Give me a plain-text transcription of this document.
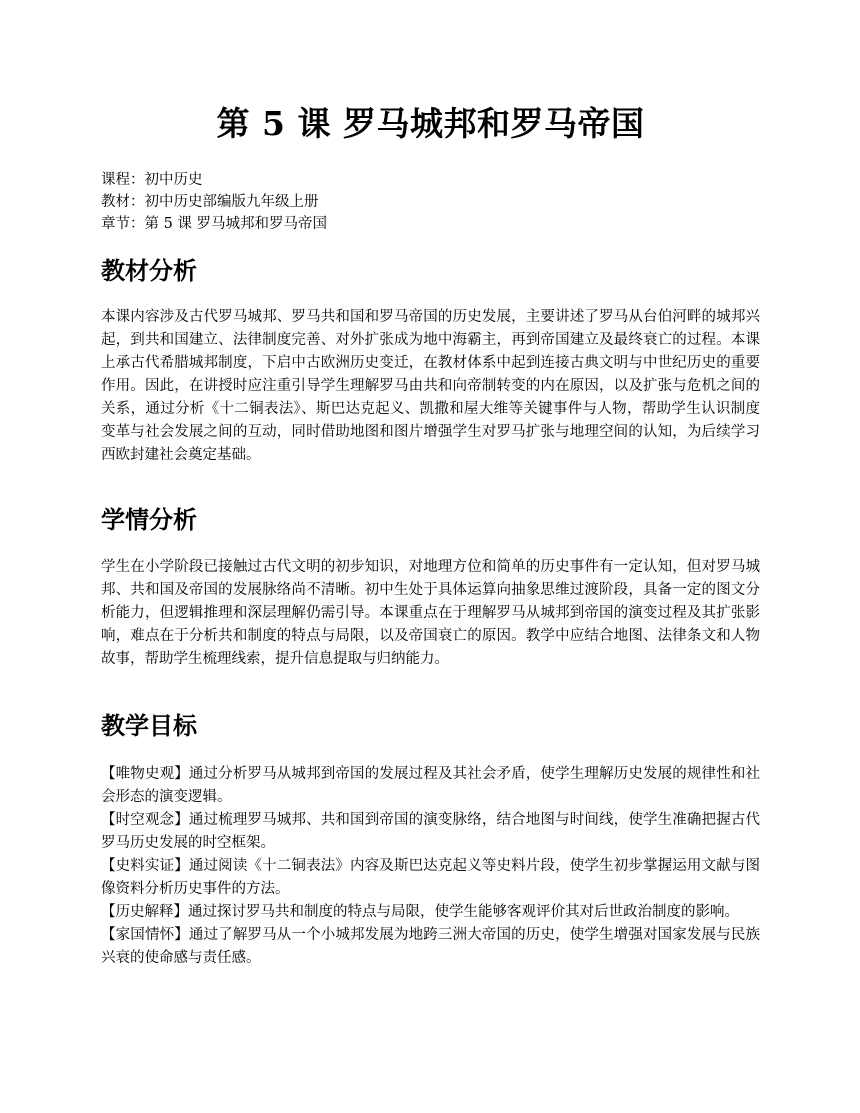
第 5 课 罗马城邦和罗马帝国
课程：初中历史
教材：初中历史部编版九年级上册
章节：第 5 课 罗马城邦和罗马帝国
教材分析
本课内容涉及古代罗马城邦、罗马共和国和罗马帝国的历史发展，主要讲述了罗马从台伯河畔的城邦兴起，到共和国建立、法律制度完善、对外扩张成为地中海霸主，再到帝国建立及最终衰亡的过程。本课上承古代希腊城邦制度，下启中古欧洲历史变迁，在教材体系中起到连接古典文明与中世纪历史的重要作用。因此，在讲授时应注重引导学生理解罗马由共和向帝制转变的内在原因，以及扩张与危机之间的关系，通过分析《十二铜表法》、斯巴达克起义、凯撒和屋大维等关键事件与人物，帮助学生认识制度变革与社会发展之间的互动，同时借助地图和图片增强学生对罗马扩张与地理空间的认知，为后续学习西欧封建社会奠定基础。
学情分析
学生在小学阶段已接触过古代文明的初步知识，对地理方位和简单的历史事件有一定认知，但对罗马城邦、共和国及帝国的发展脉络尚不清晰。初中生处于具体运算向抽象思维过渡阶段，具备一定的图文分析能力，但逻辑推理和深层理解仍需引导。本课重点在于理解罗马从城邦到帝国的演变过程及其扩张影响，难点在于分析共和制度的特点与局限，以及帝国衰亡的原因。教学中应结合地图、法律条文和人物故事，帮助学生梳理线索，提升信息提取与归纳能力。
教学目标

【唯物史观】通过分析罗马从城邦到帝国的发展过程及其社会矛盾，使学生理解历史发展的规律性和社会形态的演变逻辑。

【时空观念】通过梳理罗马城邦、共和国到帝国的演变脉络，结合地图与时间线，使学生准确把握古代罗马历史发展的时空框架。

【史料实证】通过阅读《十二铜表法》内容及斯巴达克起义等史料片段，使学生初步掌握运用文献与图像资料分析历史事件的方法。

【历史解释】通过探讨罗马共和制度的特点与局限，使学生能够客观评价其对后世政治制度的影响。

【家国情怀】通过了解罗马从一个小城邦发展为地跨三洲大帝国的历史，使学生增强对国家发展与民族兴衰的使命感与责任感。
